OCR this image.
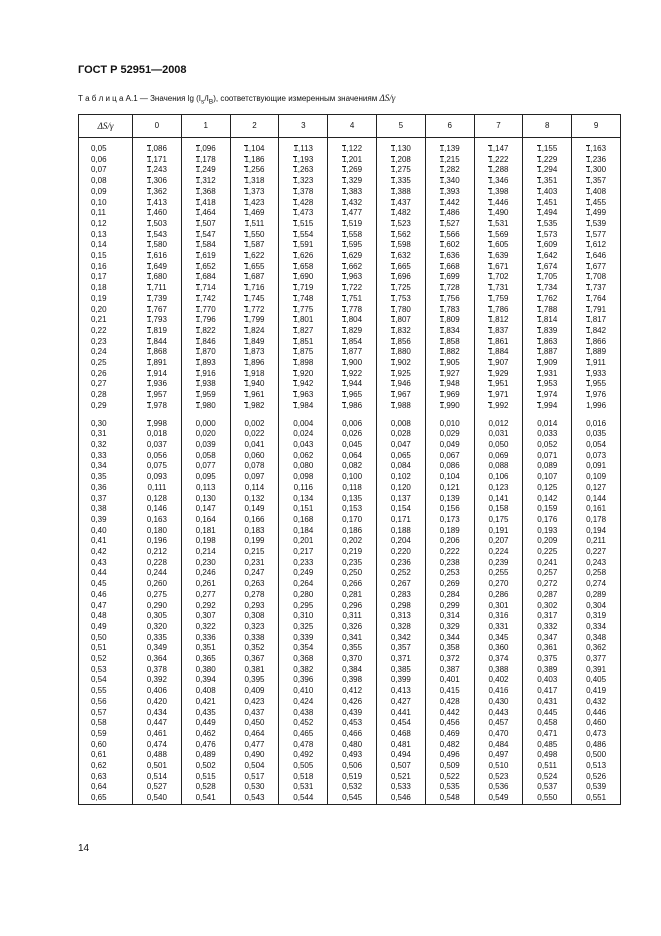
ГОСТ Р 52951—2008
Т а б л и ц а А.1 — Значения $\lg (I_s/I_B)$, соответствующие измеренным значениям ΔS/γ
ΔS/γ	0	1	2	3	4	5	6	7	8	9
0,05	1,086	1,096	1,104	1,113	1,122	1,130	1,139	1,147	1,155	1,163
0,06	1,171	1,178	1,186	1,193	1,201	1,208	1,215	1,222	1,229	1,236
0,07	1,243	1,249	1,256	1,263	1,269	1,275	1,282	1,288	1,294	1,300
0,08	1,306	1,312	1,318	1,323	1,329	1,335	1,340	1,346	1,351	1,357
0,09	1,362	1,368	1,373	1,378	1,383	1,388	1,393	1,398	1,403	1,408
0,10	1,413	1,418	1,423	1,428	1,432	1,437	1,442	1,446	1,451	1,455
0,11	1,460	1,464	1,469	1,473	1,477	1,482	1,486	1,490	1,494	1,499
0,12	1,503	1,507	1,511	1,515	1,519	1,523	1,527	1,531	1,535	1,539
0,13	1,543	1,547	1,550	1,554	1,558	1,562	1,566	1,569	1,573	1,577
0,14	1,580	1,584	1,587	1,591	1,595	1,598	1,602	1,605	1,609	1,612
0,15	1,616	1,619	1,622	1,626	1,629	1,632	1,636	1,639	1,642	1,646
0,16	1,649	1,652	1,655	1,658	1,662	1,665	1,668	1,671	1,674	1,677
0,17	1,680	1,684	1,687	1,690	1,963	1,696	1,699	1,702	1,705	1,708
0,18	1,711	1,714	1,716	1,719	1,722	1,725	1,728	1,731	1,734	1,737
0,19	1,739	1,742	1,745	1,748	1,751	1,753	1,756	1,759	1,762	1,764
0,20	1,767	1,770	1,772	1,775	1,778	1,780	1,783	1,786	1,788	1,791
0,21	1,793	1,796	1,799	1,801	1,804	1,807	1,809	1,812	1,814	1,817
0,22	1,819	1,822	1,824	1,827	1,829	1,832	1,834	1,837	1,839	1,842
0,23	1,844	1,846	1,849	1,851	1,854	1,856	1,858	1,861	1,863	1,866
0,24	1,868	1,870	1,873	1,875	1,877	1,880	1,882	1,884	1,887	1,889
0,25	1,891	1,893	1,896	1,898	1,900	1,902	1,905	1,907	1,909	1,911
0,26	1,914	1,916	1,918	1,920	1,922	1,925	1,927	1,929	1,931	1,933
0,27	1,936	1,938	1,940	1,942	1,944	1,946	1,948	1,951	1,953	1,955
0,28	1,957	1,959	1,961	1,963	1,965	1,967	1,969	1,971	1,974	1,976
0,29	1,978	1,980	1,982	1,984	1,986	1,988	1,990	1,992	1,994	1,996

0,30	1,998	0,000	0,002	0,004	0,006	0,008	0,010	0,012	0,014	0,016
0,31	0,018	0,020	0,022	0,024	0,026	0,028	0,029	0,031	0,033	0,035
0,32	0,037	0,039	0,041	0,043	0,045	0,047	0,049	0,050	0,052	0,054
0,33	0,056	0,058	0,060	0,062	0,064	0,065	0,067	0,069	0,071	0,073
0,34	0,075	0,077	0,078	0,080	0,082	0,084	0,086	0,088	0,089	0,091
0,35	0,093	0,095	0,097	0,098	0,100	0,102	0,104	0,106	0,107	0,109
0,36	0,111	0,113	0,114	0,116	0,118	0,120	0,121	0,123	0,125	0,127
0,37	0,128	0,130	0,132	0,134	0,135	0,137	0,139	0,141	0,142	0,144
0,38	0,146	0,147	0,149	0,151	0,153	0,154	0,156	0,158	0,159	0,161
0,39	0,163	0,164	0,166	0,168	0,170	0,171	0,173	0,175	0,176	0,178
0,40	0,180	0,181	0,183	0,184	0,186	0,188	0,189	0,191	0,193	0,194
0,41	0,196	0,198	0,199	0,201	0,202	0,204	0,206	0,207	0,209	0,211
0,42	0,212	0,214	0,215	0,217	0,219	0,220	0,222	0,224	0,225	0,227
0,43	0,228	0,230	0,231	0,233	0,235	0,236	0,238	0,239	0,241	0,243
0,44	0,244	0,246	0,247	0,249	0,250	0,252	0,253	0,255	0,257	0,258
0,45	0,260	0,261	0,263	0,264	0,266	0,267	0,269	0,270	0,272	0,274
0,46	0,275	0,277	0,278	0,280	0,281	0,283	0,284	0,286	0,287	0,289
0,47	0,290	0,292	0,293	0,295	0,296	0,298	0,299	0,301	0,302	0,304
0,48	0,305	0,307	0,308	0,310	0,311	0,313	0,314	0,316	0,317	0,319
0,49	0,320	0,322	0,323	0,325	0,326	0,328	0,329	0,331	0,332	0,334
0,50	0,335	0,336	0,338	0,339	0,341	0,342	0,344	0,345	0,347	0,348
0,51	0,349	0,351	0,352	0,354	0,355	0,357	0,358	0,360	0,361	0,362
0,52	0,364	0,365	0,367	0,368	0,370	0,371	0,372	0,374	0,375	0,377
0,53	0,378	0,380	0,381	0,382	0,384	0,385	0,387	0,388	0,389	0,391
0,54	0,392	0,394	0,395	0,396	0,398	0,399	0,401	0,402	0,403	0,405
0,55	0,406	0,408	0,409	0,410	0,412	0,413	0,415	0,416	0,417	0,419
0,56	0,420	0,421	0,423	0,424	0,426	0,427	0,428	0,430	0,431	0,432
0,57	0,434	0,435	0,437	0,438	0,439	0,441	0,442	0,443	0,445	0,446
0,58	0,447	0,449	0,450	0,452	0,453	0,454	0,456	0,457	0,458	0,460
0,59	0,461	0,462	0,464	0,465	0,466	0,468	0,469	0,470	0,471	0,473
0,60	0,474	0,476	0,477	0,478	0,480	0,481	0,482	0,484	0,485	0,486
0,61	0,488	0,489	0,490	0,492	0,493	0,494	0,496	0,497	0,498	0,500
0,62	0,501	0,502	0,504	0,505	0,506	0,507	0,509	0,510	0,511	0,513
0,63	0,514	0,515	0,517	0,518	0,519	0,521	0,522	0,523	0,524	0,526
0,64	0,527	0,528	0,530	0,531	0,532	0,533	0,535	0,536	0,537	0,539
0,65	0,540	0,541	0,543	0,544	0,545	0,546	0,548	0,549	0,550	0,551
14
